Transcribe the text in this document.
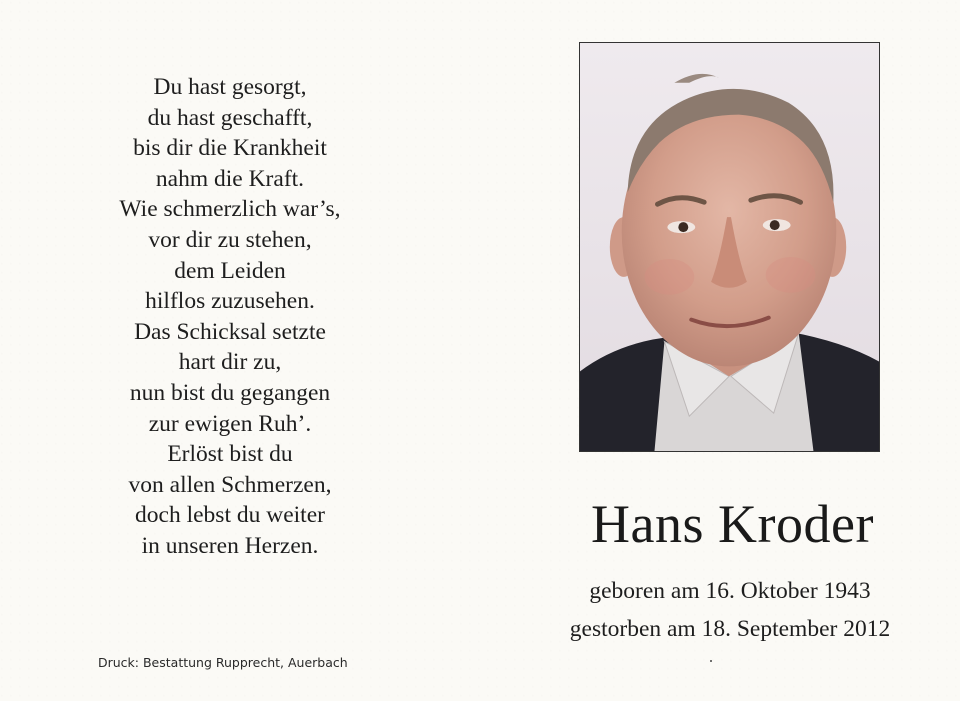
Du hast gesorgt,
du hast geschafft,
bis dir die Krankheit
nahm die Kraft.
Wie schmerzlich war’s,
vor dir zu stehen,
dem Leiden
hilflos zuzusehen.
Das Schicksal setzte
hart dir zu,
nun bist du gegangen
zur ewigen Ruh’.
Erlöst bist du
von allen Schmerzen,
doch lebst du weiter
in unseren Herzen.
Druck: Bestattung Rupprecht, Auerbach
Hans Kroder
geboren am 16. Oktober 1943
gestorben am 18. September 2012
